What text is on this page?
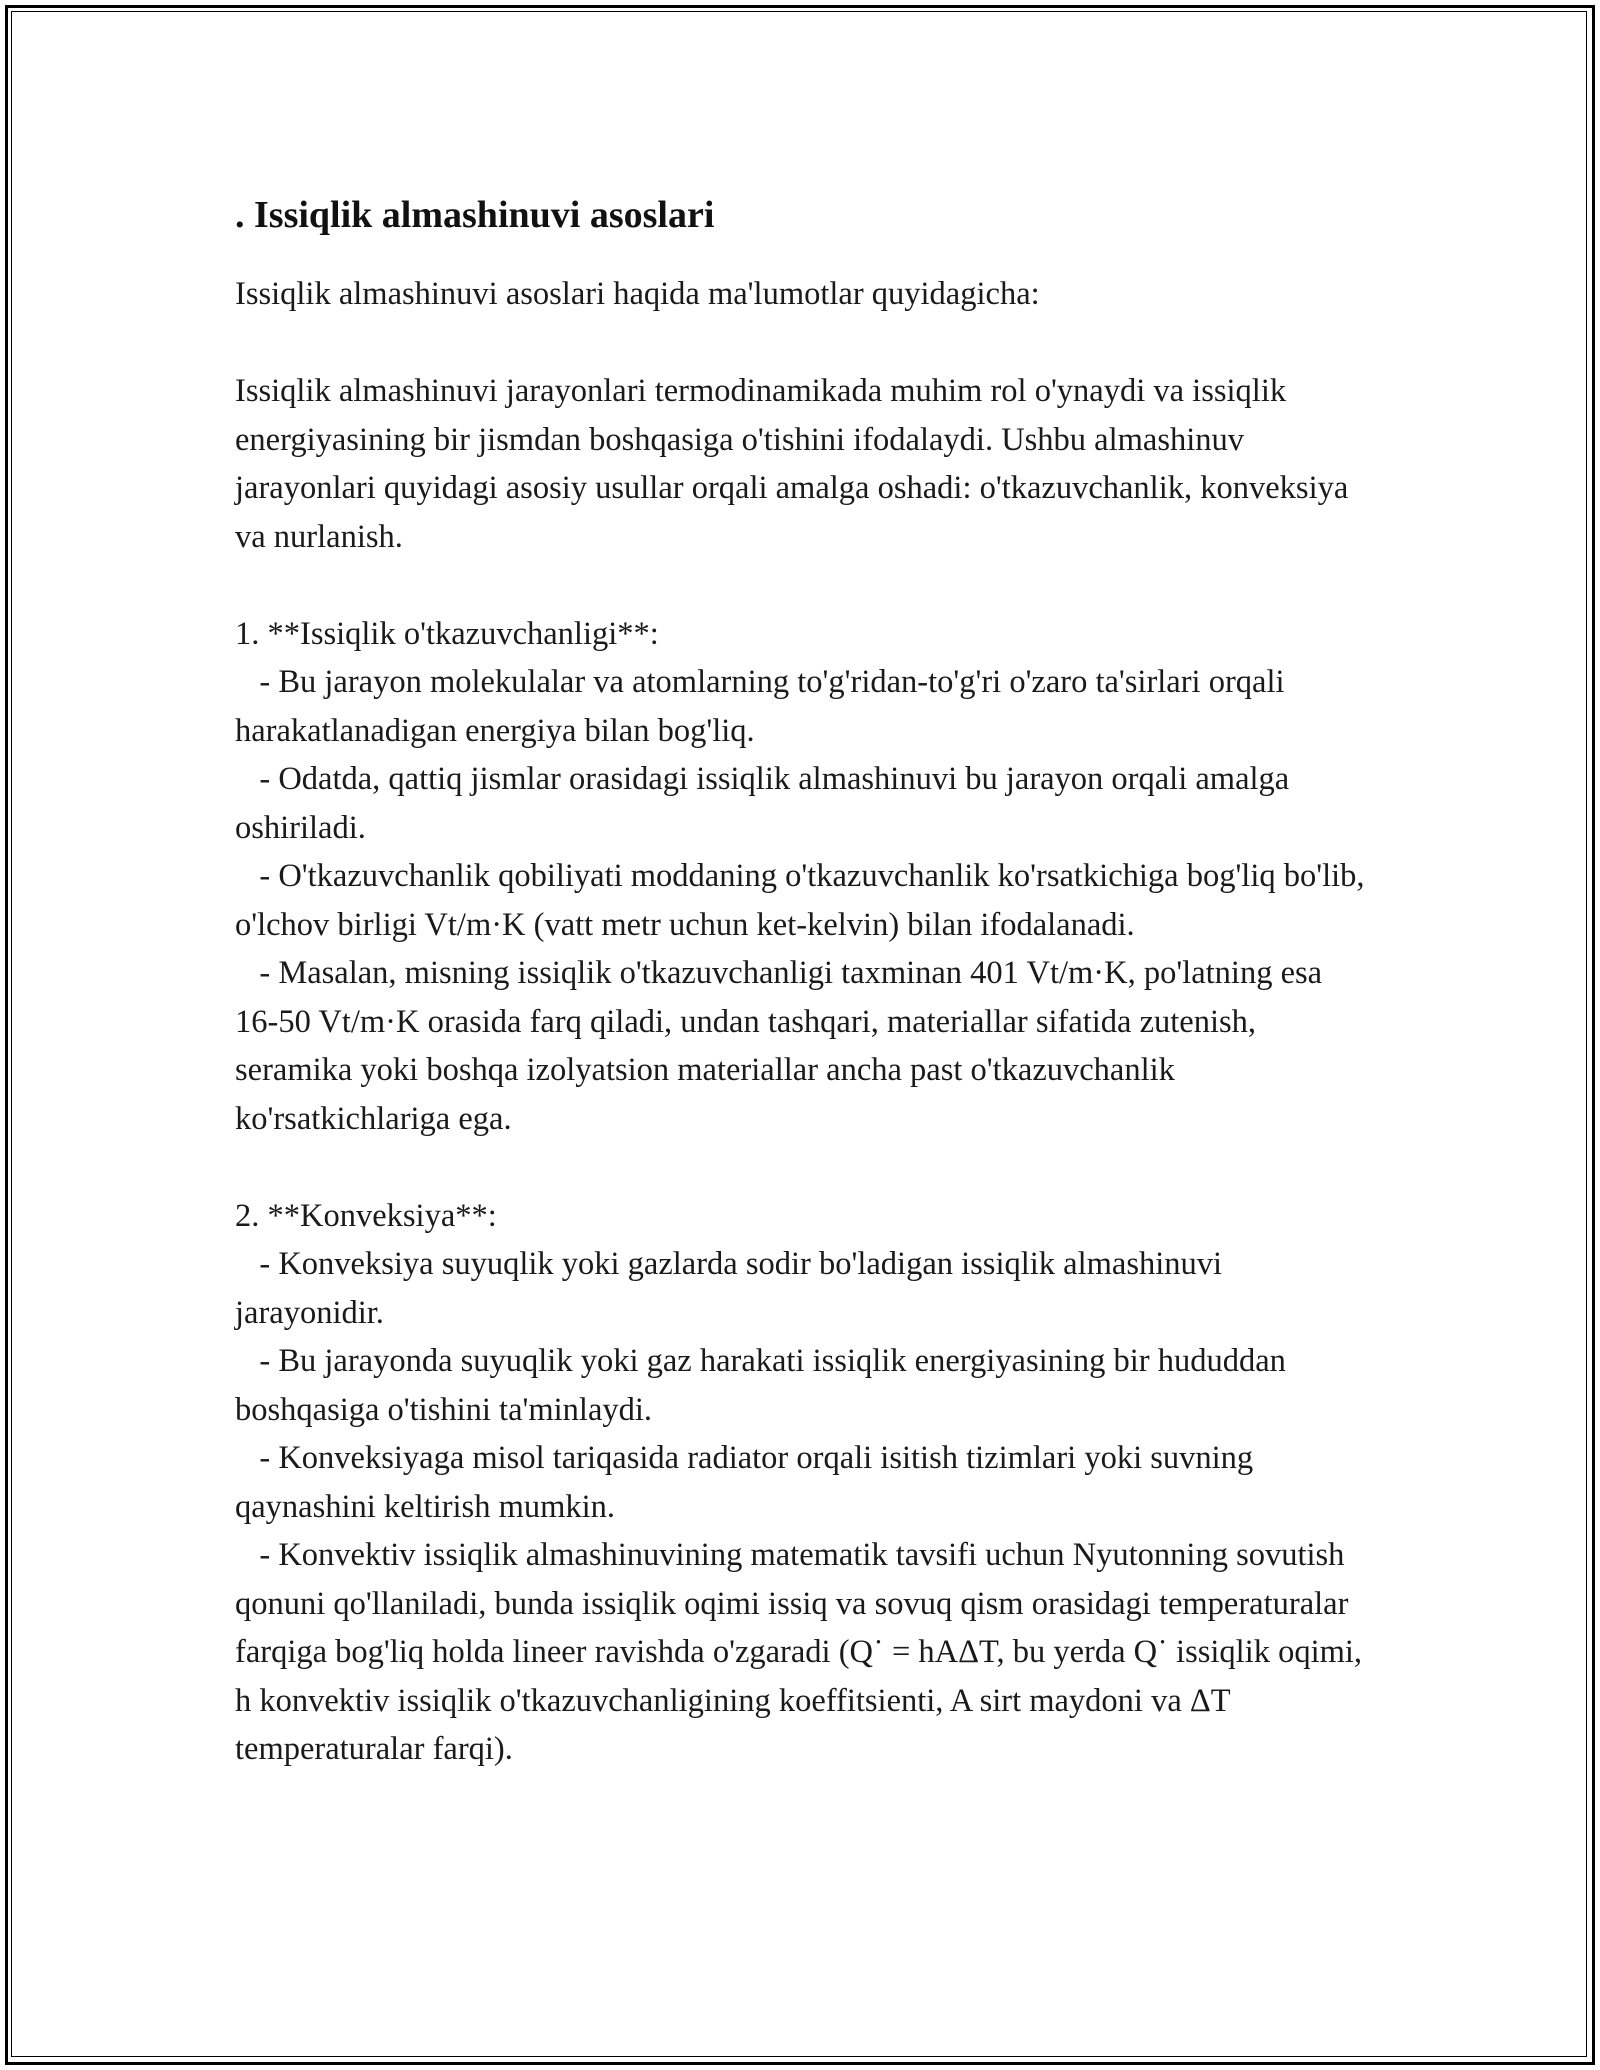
. Issiqlik almashinuvi asoslari

Issiqlik almashinuvi asoslari haqida ma'lumotlar quyidagicha:

Issiqlik almashinuvi jarayonlari termodinamikada muhim rol o'ynaydi va issiqlik energiyasining bir jismdan boshqasiga o'tishini ifodalaydi. Ushbu almashinuv jarayonlari quyidagi asosiy usullar orqali amalga oshadi: o'tkazuvchanlik, konveksiya va nurlanish.

1. **Issiqlik o'tkazuvchanligi**:

- Bu jarayon molekulalar va atomlarning to'g'ridan-to'g'ri o'zaro ta'sirlari orqali harakatlanadigan energiya bilan bog'liq.

- Odatda, qattiq jismlar orasidagi issiqlik almashinuvi bu jarayon orqali amalga oshiriladi.

- O'tkazuvchanlik qobiliyati moddaning o'tkazuvchanlik ko'rsatkichiga bog'liq bo'lib, o'lchov birligi Vt/m·K (vatt metr uchun ket-kelvin) bilan ifodalanadi.

- Masalan, misning issiqlik o'tkazuvchanligi taxminan 401 Vt/m·K, po'latning esa 16-50 Vt/m·K orasida farq qiladi, undan tashqari, materiallar sifatida zutenish, seramika yoki boshqa izolyatsion materiallar ancha past o'tkazuvchanlik ko'rsatkichlariga ega.

2. **Konveksiya**:

- Konveksiya suyuqlik yoki gazlarda sodir bo'ladigan issiqlik almashinuvi jarayonidir.

- Bu jarayonda suyuqlik yoki gaz harakati issiqlik energiyasining bir hududdan boshqasiga o'tishini ta'minlaydi.

- Konveksiyaga misol tariqasida radiator orqali isitish tizimlari yoki suvning qaynashini keltirish mumkin.

- Konvektiv issiqlik almashinuvining matematik tavsifi uchun Nyutonning sovutish qonuni qo'llaniladi, bunda issiqlik oqimi issiq va sovuq qism orasidagi temperaturalar farqiga bog'liq holda lineer ravishda o'zgaradi (Q˙ = hAΔT, bu yerda Q˙ issiqlik oqimi, h konvektiv issiqlik o'tkazuvchanligining koeffitsienti, A sirt maydoni va ΔT temperaturalar farqi).
